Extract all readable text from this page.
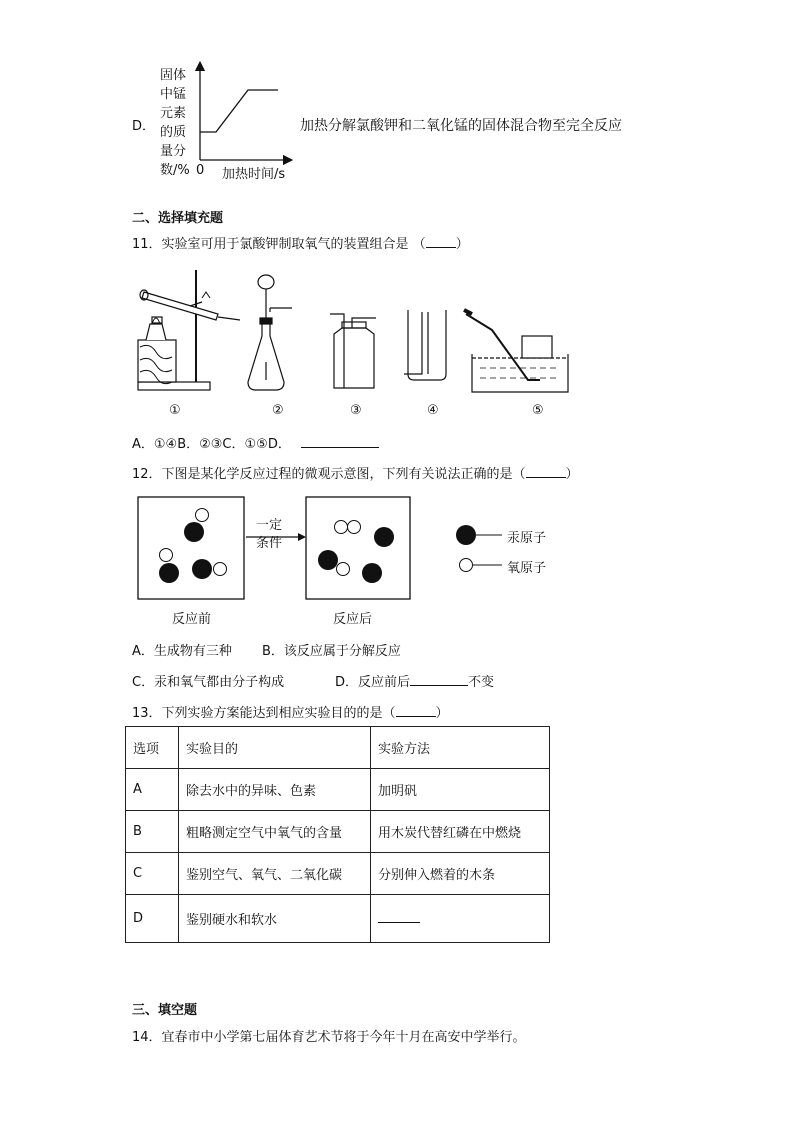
D．
固体
中锰
元素
的质
量分
数/% 0 加热时间/s
加热分解氯酸钾和二氧化锰的固体混合物至完全反应
二、选择填充题
11．实验室可用于氯酸钾制取氧气的装置组合是 （ ）
①	②	③	④	⑤
A．①④B．②③C．①⑤D．
12．下图是某化学反应过程的微观示意图，下列有关说法正确的是（	）
一定
条件	汞原子
氧原子
反应前	反应后
A．生成物有三种 B．该反应属于分解反应
C．汞和氧气都由分子构成	D．反应前后	不变
13．下列实验方案能达到相应实验目的的是（	）
选项	实验目的	实验方法
A	除去水中的异味、色素	加明矾
B	粗略测定空气中氧气的含量	用木炭代替红磷在中燃烧
C	鉴别空气、氧气、二氧化碳	分别伸入燃着的木条
D	鉴别硬水和软水	
三、填空题
14．宜春市中小学第七届体育艺术节将于今年十月在高安中学举行。
